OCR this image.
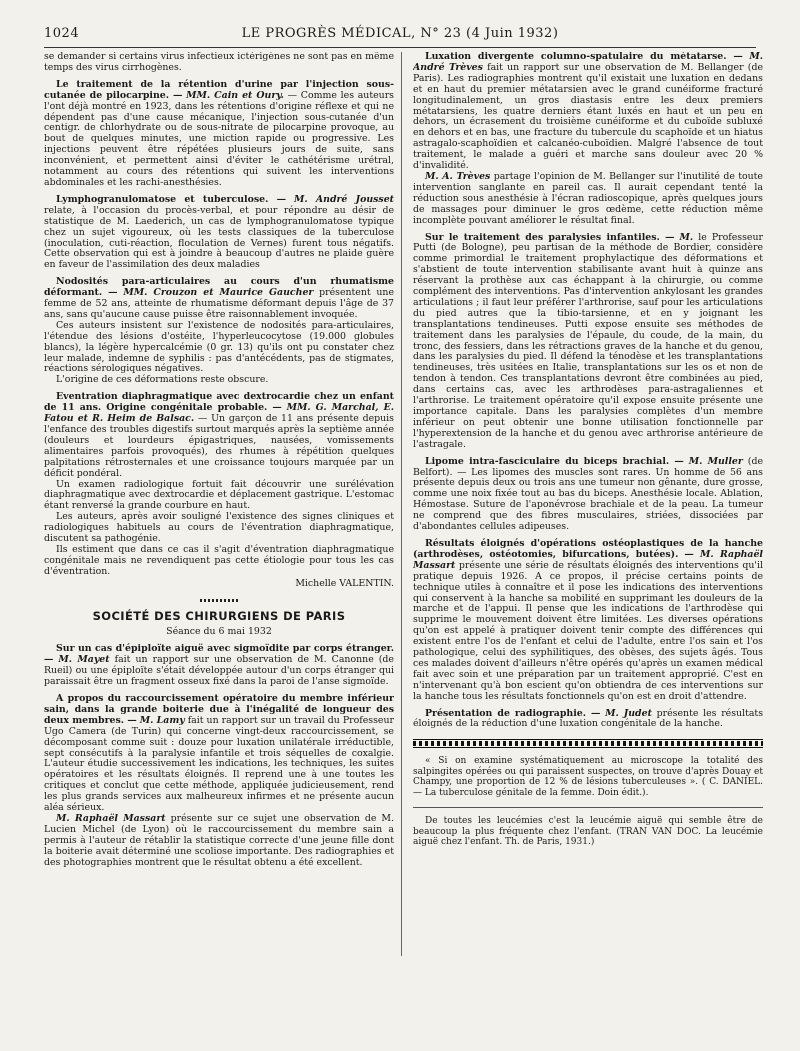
1024	LE PROGRÈS MÉDICAL, N° 23 (4 Juin 1932)

se demander si certains virus infectieux ictérigènes ne sont pas en même temps des virus cirrhogènes.

Le traitement de la rétention d'urine par l'injection sous-cutanée de pilocarpine. — MM. Cain et Oury. — Comme les auteurs l'ont déjà montré en 1923, dans les rétentions d'origine réflexe et qui ne dépendent pas d'une cause mécanique, l'injection sous-cutanée d'un centigr. de chlorhydrate ou de sous-nitrate de pilocarpine provoque, au bout de quelques minutes, une miction rapide ou progressive. Les injections peuvent être répétées plusieurs jours de suite, sans inconvénient, et permettent ainsi d'éviter le cathétérisme urétral, notamment au cours des rétentions qui suivent les interventions abdominales et les rachi-anesthésies.

Lymphogranulomatose et tuberculose. — M. André Jousset relate, à l'occasion du procès-verbal, et pour répondre au désir de statistique de M. Laederich, un cas de lymphogranulomatose typique chez un sujet vigoureux, où les tests classiques de la tuberculose (inoculation, cuti-réaction, floculation de Vernes) furent tous négatifs. Cette observation qui est à joindre à beaucoup d'autres ne plaide guère en faveur de l'assimilation des deux maladies

Nodosités para-articulaires au cours d'un rhumatisme déformant. — MM. Crouzon et Maurice Gaucher présentent une femme de 52 ans, atteinte de rhumatisme déformant depuis l'âge de 37 ans, sans qu'aucune cause puisse être raisonnablement invoquée.

Ces auteurs insistent sur l'existence de nodosités para-articulaires, l'étendue des lésions d'ostéite, l'hyperleucocytose (19.000 globules blancs), la légère hypercalcémie (0 gr. 13) qu'ils ont pu constater chez leur malade, indemne de syphilis : pas d'antécédents, pas de stigmates, réactions sérologiques négatives.

L'origine de ces déformations reste obscure.

Eventration diaphragmatique avec dextrocardie chez un enfant de 11 ans. Origine congénitale probable. — MM. G. Marchal, E. Fatou et R. Heim de Balsac. — Un garçon de 11 ans présente depuis l'enfance des troubles digestifs surtout marqués après la septième année (douleurs et lourdeurs épigastriques, nausées, vomissements alimentaires parfois provoqués), des rhumes à répétition quelques palpitations rétrosternales et une croissance toujours marquée par un déficit pondéral.

Un examen radiologique fortuit fait découvrir une surélévation diaphragmatique avec dextrocardie et déplacement gastrique. L'estomac étant renversé la grande courbure en haut.

Les auteurs, après avoir souligné l'existence des signes cliniques et radiologiques habituels au cours de l'éventration diaphragmatique, discutent sa pathogénie.

Ils estiment que dans ce cas il s'agit d'éventration diaphragmatique congénitale mais ne revendiquent pas cette étiologie pour tous les cas d'éventration.

Michelle VALENTIN.
SOCIÉTÉ DES CHIRURGIENS DE PARIS
Séance du 6 mai 1932

Sur un cas d'épiploïte aiguë avec sigmoïdite par corps étranger. — M. Mayet fait un rapport sur une observation de M. Canonne (de Rueil) ou une épiploïte s'était développée autour d'un corps étranger qui paraissait être un fragment osseux fixé dans la paroi de l'anse sigmoïde.

A propos du raccourcissement opératoire du membre inférieur sain, dans la grande boiterie due à l'inégalité de longueur des deux membres. — M. Lamy fait un rapport sur un travail du Professeur Ugo Camera (de Turin) qui concerne vingt-deux raccourcissement, se décomposant comme suit : douze pour luxation unilatérale irréductible, sept consécutifs à la paralysie infantile et trois séquelles de coxalgie. L'auteur étudie successivement les indications, les techniques, les suites opératoires et les résultats éloignés. Il reprend une à une toutes les critiques et conclut que cette méthode, appliquée judicieusement, rend les plus grands services aux malheureux infirmes et ne présente aucun aléa sérieux.

M. Raphaël Massart présente sur ce sujet une observation de M. Lucien Michel (de Lyon) où le raccourcissement du membre sain a permis à l'auteur de rétablir la statistique correcte d'une jeune fille dont la boiterie avait déterminé une scoliose importante. Des radiographies et des photographies montrent que le résultat obtenu a été excellent.

Luxation divergente columno-spatulaire du métatarse. — M. André Trèves fait un rapport sur une observation de M. Bellanger (de Paris). Les radiographies montrent qu'il existait une luxation en dedans et en haut du premier métatarsien avec le grand cunéiforme fracturé longitudinalement, un gros diastasis entre les deux premiers métatarsiens, les quatre derniers étant luxés en haut et un peu en dehors, un écrasement du troisième cunéiforme et du cuboïde subluxé en dehors et en bas, une fracture du tubercule du scaphoïde et un hiatus astragalo-scaphoïdien et calcanéo-cuboïdien. Malgré l'absence de tout traitement, le malade a guéri et marche sans douleur avec 20 % d'invalidité.

M. A. Trèves partage l'opinion de M. Bellanger sur l'inutilité de toute intervention sanglante en pareil cas. Il aurait cependant tenté la réduction sous anesthésie à l'écran radioscopique, après quelques jours de massages pour diminuer le gros œdème, cette réduction même incomplète pouvant améliorer le résultat final.

Sur le traitement des paralysies infantiles. — M. le Professeur Putti (de Bologne), peu partisan de la méthode de Bordier, considère comme primordial le traitement prophylactique des déformations et s'abstient de toute intervention stabilisante avant huit à quinze ans réservant la prothèse aux cas échappant à la chirurgie, ou comme complément des interventions. Pas d'intervention ankylosant les grandes articulations ; il faut leur préférer l'arthrorise, sauf pour les articulations du pied autres que la tibio-tarsienne, et en y joignant les transplantations tendineuses. Putti expose ensuite ses méthodes de traitement dans les paralysies de l'épaule, du coude, de la main, du tronc, des fessiers, dans les rétractions graves de la hanche et du genou, dans les paralysies du pied. Il défend la ténodèse et les transplantations tendineuses, très usitées en Italie, transplantations sur les os et non de tendon à tendon. Ces transplantations devront être combinées au pied, dans certains cas, avec les arthrodèses para-astragaliennes et l'arthrorise. Le traitement opératoire qu'il expose ensuite présente une importance capitale. Dans les paralysies complètes d'un membre inférieur on peut obtenir une bonne utilisation fonctionnelle par l'hyperextension de la hanche et du genou avec arthrorise antérieure de l'astragale.

Lipome intra-fasciculaire du biceps brachial. — M. Muller (de Belfort). — Les lipomes des muscles sont rares. Un homme de 56 ans présente depuis deux ou trois ans une tumeur non gênante, dure grosse, comme une noix fixée tout au bas du biceps. Anesthésie locale. Ablation, Hémostase. Suture de l'aponévrose brachiale et de la peau. La tumeur ne comprend que des fibres musculaires, striées, dissociées par d'abondantes cellules adipeuses.

Résultats éloignés d'opérations ostéoplastiques de la hanche (arthrodèses, ostéotomies, bifurcations, butées). — M. Raphaël Massart présente une série de résultats éloignés des interventions qu'il pratique depuis 1926. A ce propos, il précise certains points de technique utiles à connaître et il pose les indications des interventions qui conservent à la hanche sa mobilité en supprimant les douleurs de la marche et de l'appui. Il pense que les indications de l'arthrodèse qui supprime le mouvement doivent être limitées. Les diverses opérations qu'on est appelé à pratiquer doivent tenir compte des différences qui existent entre l'os de l'enfant et celui de l'adulte, entre l'os sain et l'os pathologique, celui des syphilitiques, des obèses, des sujets âgés. Tous ces malades doivent d'ailleurs n'être opérés qu'après un examen médical fait avec soin et une préparation par un traitement approprié. C'est en n'intervenant qu'à bon escient qu'on obtiendra de ces interventions sur la hanche tous les résultats fonctionnels qu'on est en droit d'attendre.

Présentation de radiographie. — M. Judet présente les résultats éloignés de la réduction d'une luxation congénitale de la hanche.

« Si on examine systématiquement au microscope la totalité des salpingites opérées ou qui paraissent suspectes, on trouve d'après Douay et Champy, une proportion de 12 % de lésions tuberculeuses ». ( C. DANIEL. — La tuberculose génitale de la femme. Doin édit.).

De toutes les leucémies c'est la leucémie aiguë qui semble être de beaucoup la plus fréquente chez l'enfant. (TRAN VAN DOC. La leucémie aiguë chez l'enfant. Th. de Paris, 1931.)
